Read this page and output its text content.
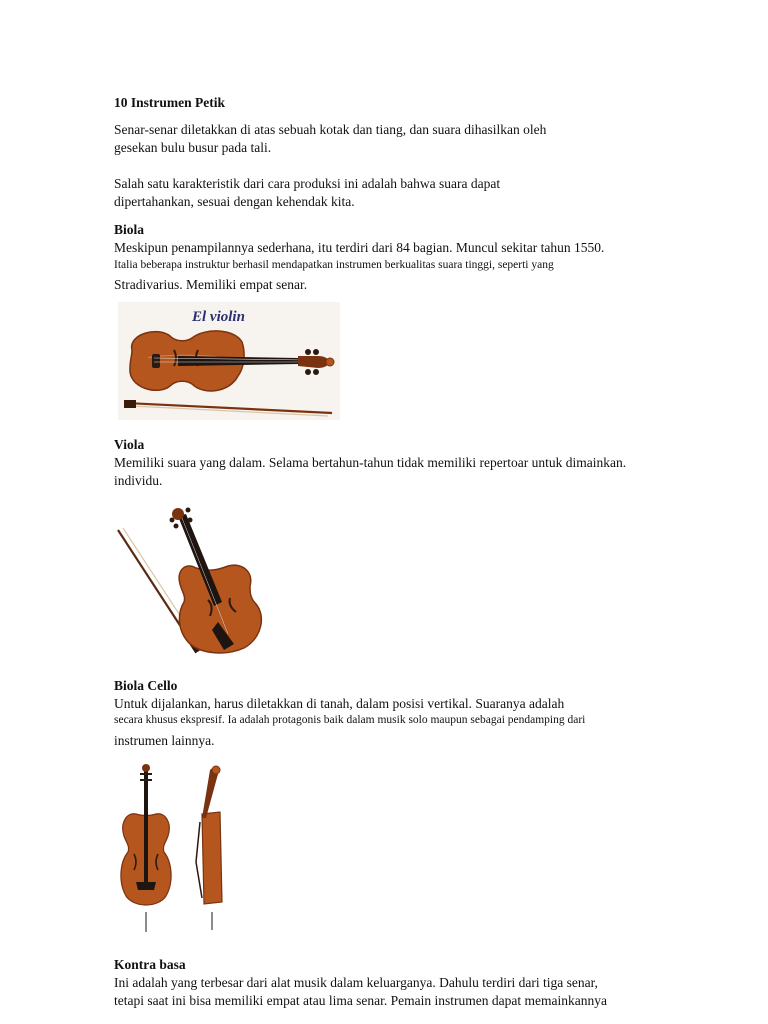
10 Instrumen Petik

Senar-senar diletakkan di atas sebuah kotak dan tiang, dan suara dihasilkan oleh

gesekan bulu busur pada tali.

Salah satu karakteristik dari cara produksi ini adalah bahwa suara dapat

dipertahankan, sesuai dengan kehendak kita.

Biola

Meskipun penampilannya sederhana, itu terdiri dari 84 bagian. Muncul sekitar tahun 1550.

Italia beberapa instruktur berhasil mendapatkan instrumen berkualitas suara tinggi, seperti yang

Stradivarius. Memiliki empat senar.

El violin

Viola

Memiliki suara yang dalam. Selama bertahun-tahun tidak memiliki repertoar untuk dimainkan.

individu.

Biola Cello

Untuk dijalankan, harus diletakkan di tanah, dalam posisi vertikal. Suaranya adalah

secara khusus ekspresif. Ia adalah protagonis baik dalam musik solo maupun sebagai pendamping dari

instrumen lainnya.

Kontra basa

Ini adalah yang terbesar dari alat musik dalam keluarganya. Dahulu terdiri dari tiga senar,

tetapi saat ini bisa memiliki empat atau lima senar. Pemain instrumen dapat memainkannya
